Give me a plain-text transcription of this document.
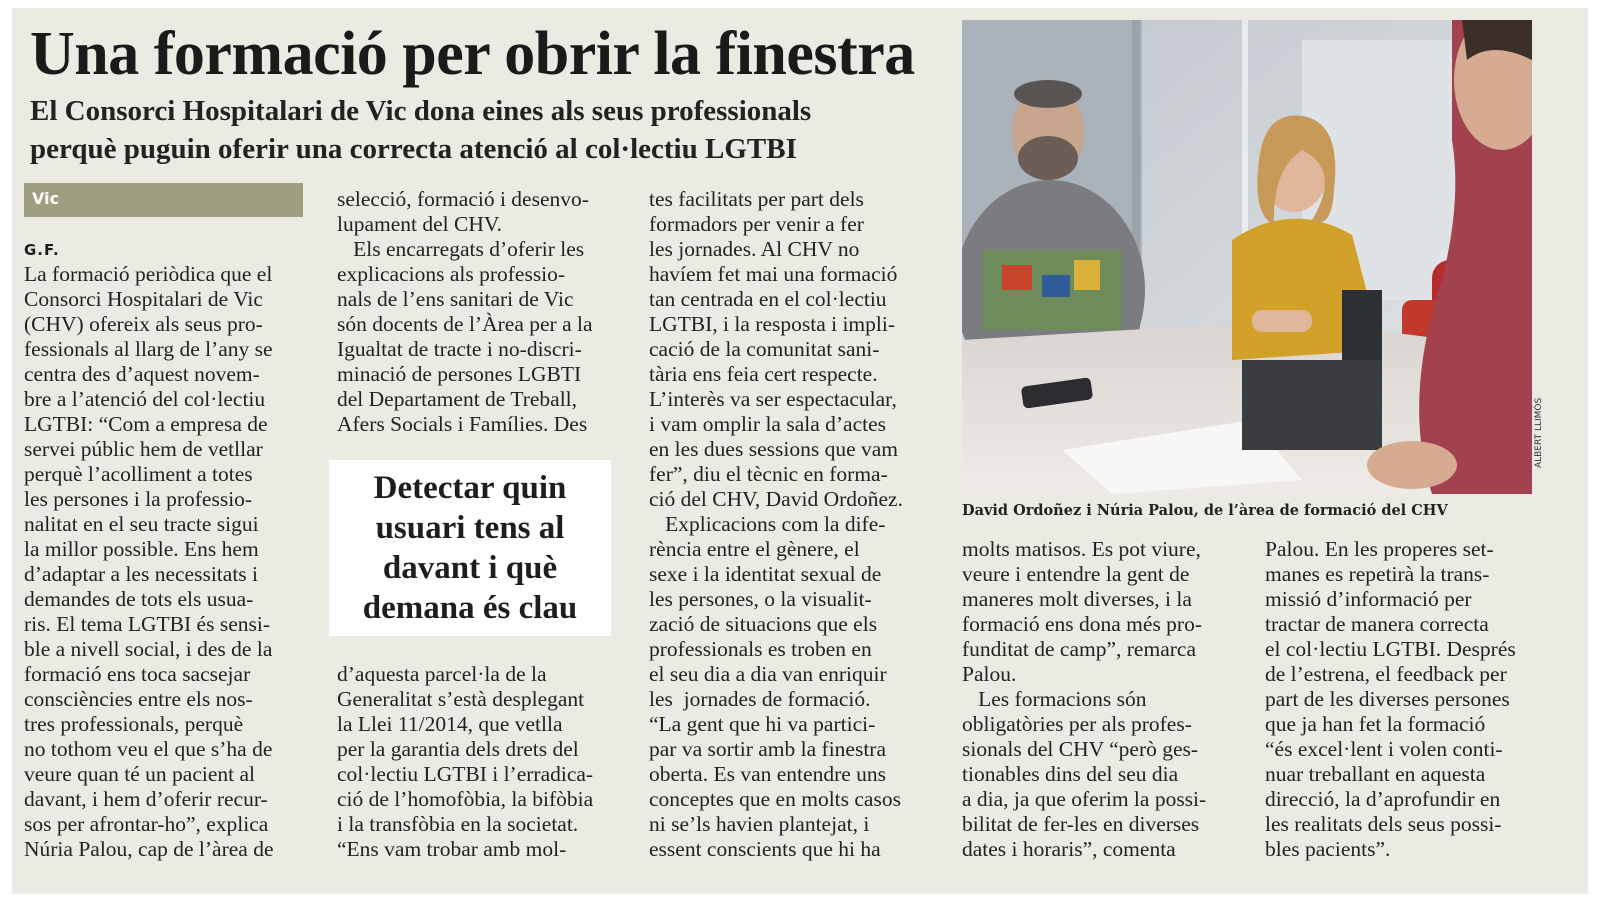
Una formació per obrir la finestra
El Consorci Hospitalari de Vic dona eines als seus professionals
perquè puguin oferir una correcta atenció al col·lectiu LGTBI
Vic
G.F.
La formació periòdica que el
Consorci Hospitalari de Vic
(CHV) ofereix als seus pro-
fessionals al llarg de l’any se
centra des d’aquest novem-
bre a l’atenció del col·lectiu
LGTBI: “Com a empresa de
servei públic hem de vetllar
perquè l’acolliment a totes
les persones i la professio-
nalitat en el seu tracte sigui
la millor possible. Ens hem
d’adaptar a les necessitats i
demandes de tots els usua-
ris. El tema LGTBI és sensi-
ble a nivell social, i des de la
formació ens toca sacsejar
consciències entre els nos-
tres professionals, perquè
no tothom veu el que s’ha de
veure quan té un pacient al
davant, i hem d’oferir recur-
sos per afrontar-ho”, explica
Núria Palou, cap de l’àrea de
selecció, formació i desenvo-
lupament del CHV.
Els encarregats d’oferir les
explicacions als professio-
nals de l’ens sanitari de Vic
són docents de l’Àrea per a la
Igualtat de tracte i no-discri-
minació de persones LGBTI
del Departament de Treball,
Afers Socials i Famílies. Des
Detectar quin
usuari tens al
davant i què
demana és clau
d’aquesta parcel·la de la
Generalitat s’està desplegant
la Llei 11/2014, que vetlla
per la garantia dels drets del
col·lectiu LGTBI i l’erradica-
ció de l’homofòbia, la bifòbia
i la transfòbia en la societat.
“Ens vam trobar amb mol-
tes facilitats per part dels
formadors per venir a fer
les jornades. Al CHV no
havíem fet mai una formació
tan centrada en el col·lectiu
LGTBI, i la resposta i impli-
cació de la comunitat sani-
tària ens feia cert respecte.
L’interès va ser espectacular,
i vam omplir la sala d’actes
en les dues sessions que vam
fer”, diu el tècnic en forma-
ció del CHV, David Ordoñez.
Explicacions com la dife-
rència entre el gènere, el
sexe i la identitat sexual de
les persones, o la visualit-
zació de situacions que els
professionals es troben en
el seu dia a dia van enriquir
les  jornades de formació.
“La gent que hi va partici-
par va sortir amb la finestra
oberta. Es van entendre uns
conceptes que en molts casos
ni se’ls havien plantejat, i
essent conscients que hi ha
ALBERT LLIMÓS
David Ordoñez i Núria Palou, de l’àrea de formació del CHV
molts matisos. Es pot viure,
veure i entendre la gent de
maneres molt diverses, i la
formació ens dona més pro-
funditat de camp”, remarca
Palou.
Les formacions són
obligatòries per als profes-
sionals del CHV “però ges-
tionables dins del seu dia
a dia, ja que oferim la possi-
bilitat de fer-les en diverses
dates i horaris”, comenta
Palou. En les properes set-
manes es repetirà la trans-
missió d’informació per
tractar de manera correcta
el col·lectiu LGTBI. Després
de l’estrena, el feedback per
part de les diverses persones
que ja han fet la formació
“és excel·lent i volen conti-
nuar treballant en aquesta
direcció, la d’aprofundir en
les realitats dels seus possi-
bles pacients”.
